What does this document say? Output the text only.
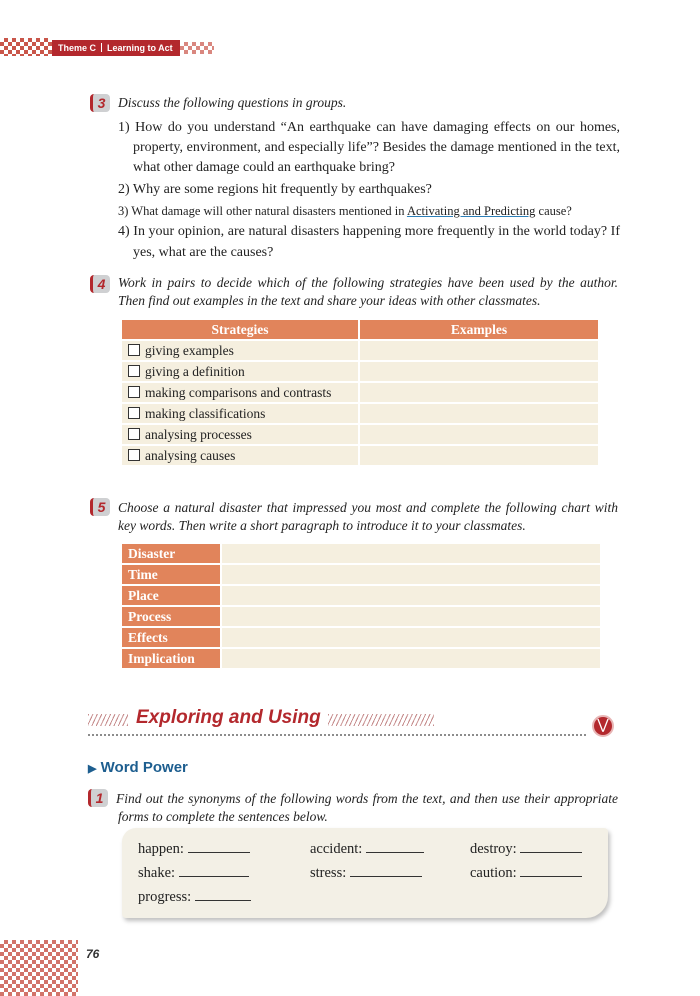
Theme C Learning to Act
3 Discuss the following questions in groups.
1) How do you understand “An earthquake can have damaging effects on our homes,
property, environment, and especially life”? Besides the damage mentioned in the text,
what other damage could an earthquake bring?
2) Why are some regions hit frequently by earthquakes?
3) What damage will other natural disasters mentioned in Activating and Predicting cause?
4) In your opinion, are natural disasters happening more frequently in the world today? If
yes, what are the causes?
4 Work in pairs to decide which of the following strategies have been used by the author.
Then find out examples in the text and share your ideas with other classmates.
Strategies	Examples
giving examples	
giving a definition	
making comparisons and contrasts	
making classifications	
analysing processes	
analysing causes	
5 Choose a natural disaster that impressed you most and complete the following chart with
key words. Then write a short paragraph to introduce it to your classmates.
Disaster	
Time	
Place	
Process	
Effects	
Implication	
Exploring and Using	⋁
▶ Word Power
1 Find out the synonyms of the following words from the text, and then use their appropriate
forms to complete the sentences below.
happen:	accident:	destroy:
shake:	stress:	caution:
progress:
76
